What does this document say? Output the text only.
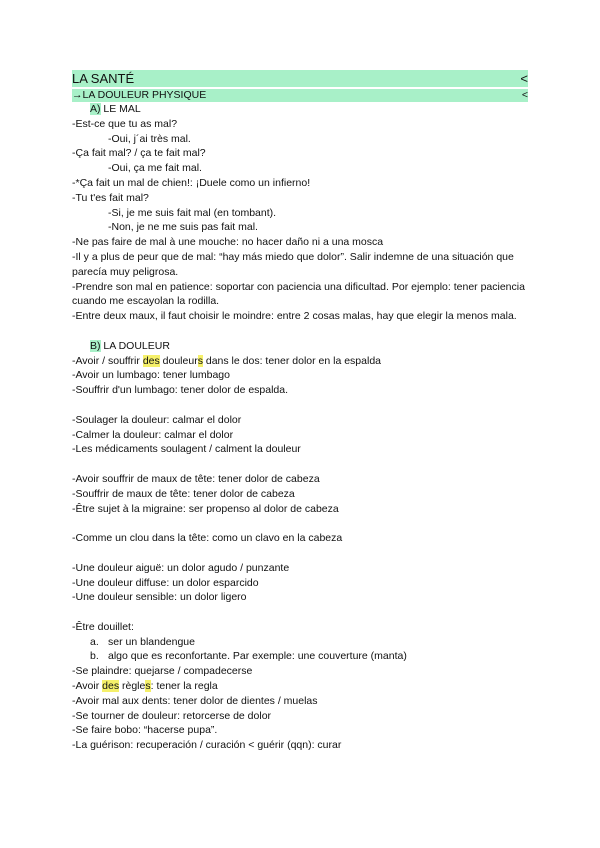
LA SANTÉ	<
→LA DOULEUR PHYSIQUE	<
A) LE MAL
-Est-ce que tu as mal?
-Oui, j´ai très mal.
-Ça fait mal? / ça te fait mal?
-Oui, ça me fait mal.
-*Ça fait un mal de chien!: ¡Duele como un infierno!
-Tu t'es fait mal?
-Si, je me suis fait mal (en tombant).
-Non, je ne me suis pas fait mal.
-Ne pas faire de mal à une mouche: no hacer daño ni a una mosca
-Il y a plus de peur que de mal: “hay más miedo que dolor”. Salir indemne de una situación que parecía muy peligrosa.
-Prendre son mal en patience: soportar con paciencia una dificultad. Por ejemplo: tener paciencia cuando me escayolan la rodilla.
-Entre deux maux, il faut choisir le moindre: entre 2 cosas malas, hay que elegir la menos mala.
B) LA DOULEUR
-Avoir / souffrir des douleurs dans le dos: tener dolor en la espalda
-Avoir un lumbago: tener lumbago
-Souffrir d'un lumbago: tener dolor de espalda.
-Soulager la douleur: calmar el dolor
-Calmer la douleur: calmar el dolor
-Les médicaments soulagent / calment la douleur
-Avoir souffrir de maux de tête: tener dolor de cabeza
-Souffrir de maux de tête: tener dolor de cabeza
-Être sujet à la migraine: ser propenso al dolor de cabeza
-Comme un clou dans la tête: como un clavo en la cabeza
-Une douleur aiguë: un dolor agudo / punzante
-Une douleur diffuse: un dolor esparcido
-Une douleur sensible: un dolor ligero
-Être douillet:
a. ser un blandengue
b. algo que es reconfortante. Par exemple: une couverture (manta)
-Se plaindre: quejarse / compadecerse
-Avoir des règles: tener la regla
-Avoir mal aux dents: tener dolor de dientes / muelas
-Se tourner de douleur: retorcerse de dolor
-Se faire bobo: “hacerse pupa”.
-La guérison: recuperación / curación < guérir (qqn): curar
